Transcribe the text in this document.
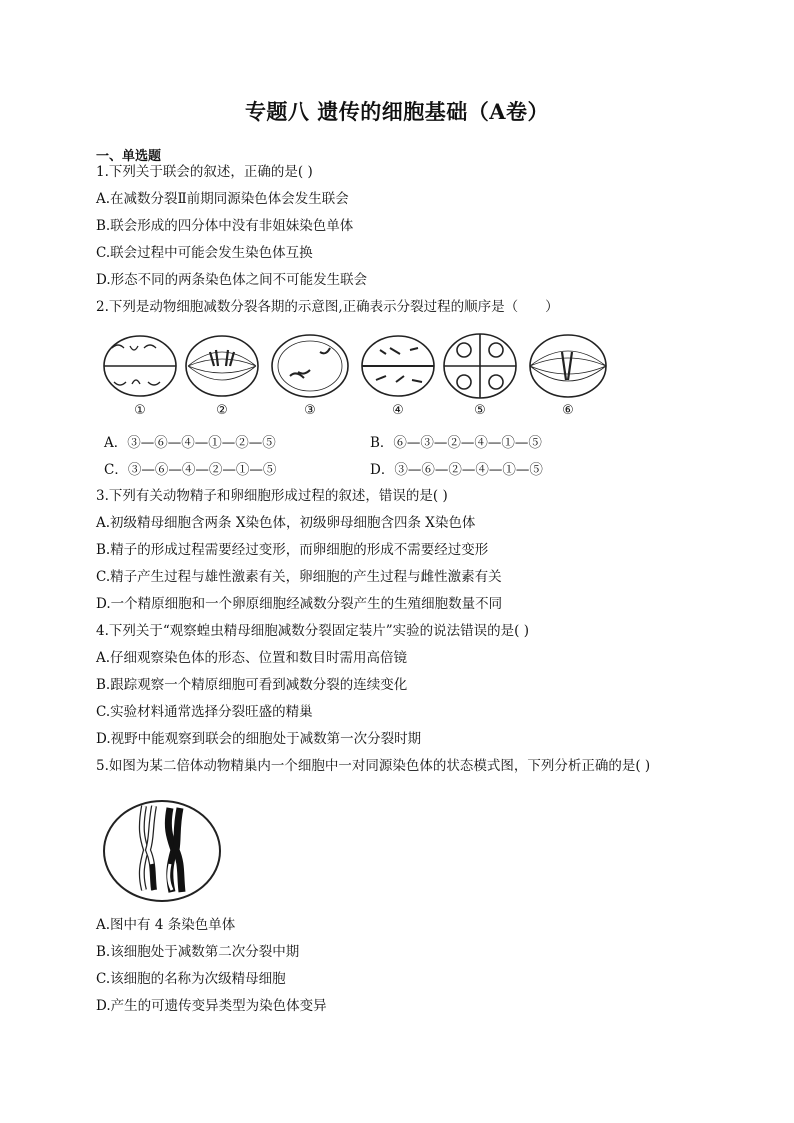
专题八 遗传的细胞基础（A卷）
一、单选题
1.下列关于联会的叙述，正确的是( )
A.在减数分裂Ⅱ前期同源染色体会发生联会
B.联会形成的四分体中没有非姐妹染色单体
C.联会过程中可能会发生染色体互换
D.形态不同的两条染色体之间不可能发生联会
2.下列是动物细胞减数分裂各期的示意图,正确表示分裂过程的顺序是（　　）
①	②	③	④	⑤	⑥
A．③—⑥—④—①—②—⑤	B．⑥—③—②—④—①—⑤
C．③—⑥—④—②—①—⑤	D．③—⑥—②—④—①—⑤
3.下列有关动物精子和卵细胞形成过程的叙述，错误的是( )
A.初级精母细胞含两条 X染色体，初级卵母细胞含四条 X染色体
B.精子的形成过程需要经过变形，而卵细胞的形成不需要经过变形
C.精子产生过程与雄性激素有关，卵细胞的产生过程与雌性激素有关
D.一个精原细胞和一个卵原细胞经减数分裂产生的生殖细胞数量不同
4.下列关于“观察蝗虫精母细胞减数分裂固定装片”实验的说法错误的是( )
A.仔细观察染色体的形态、位置和数目时需用高倍镜
B.跟踪观察一个精原细胞可看到减数分裂的连续变化
C.实验材料通常选择分裂旺盛的精巢
D.视野中能观察到联会的细胞处于减数第一次分裂时期
5.如图为某二倍体动物精巢内一个细胞中一对同源染色体的状态模式图，下列分析正确的是( )
A.图中有 4 条染色单体
B.该细胞处于减数第二次分裂中期
C.该细胞的名称为次级精母细胞
D.产生的可遗传变异类型为染色体变异
